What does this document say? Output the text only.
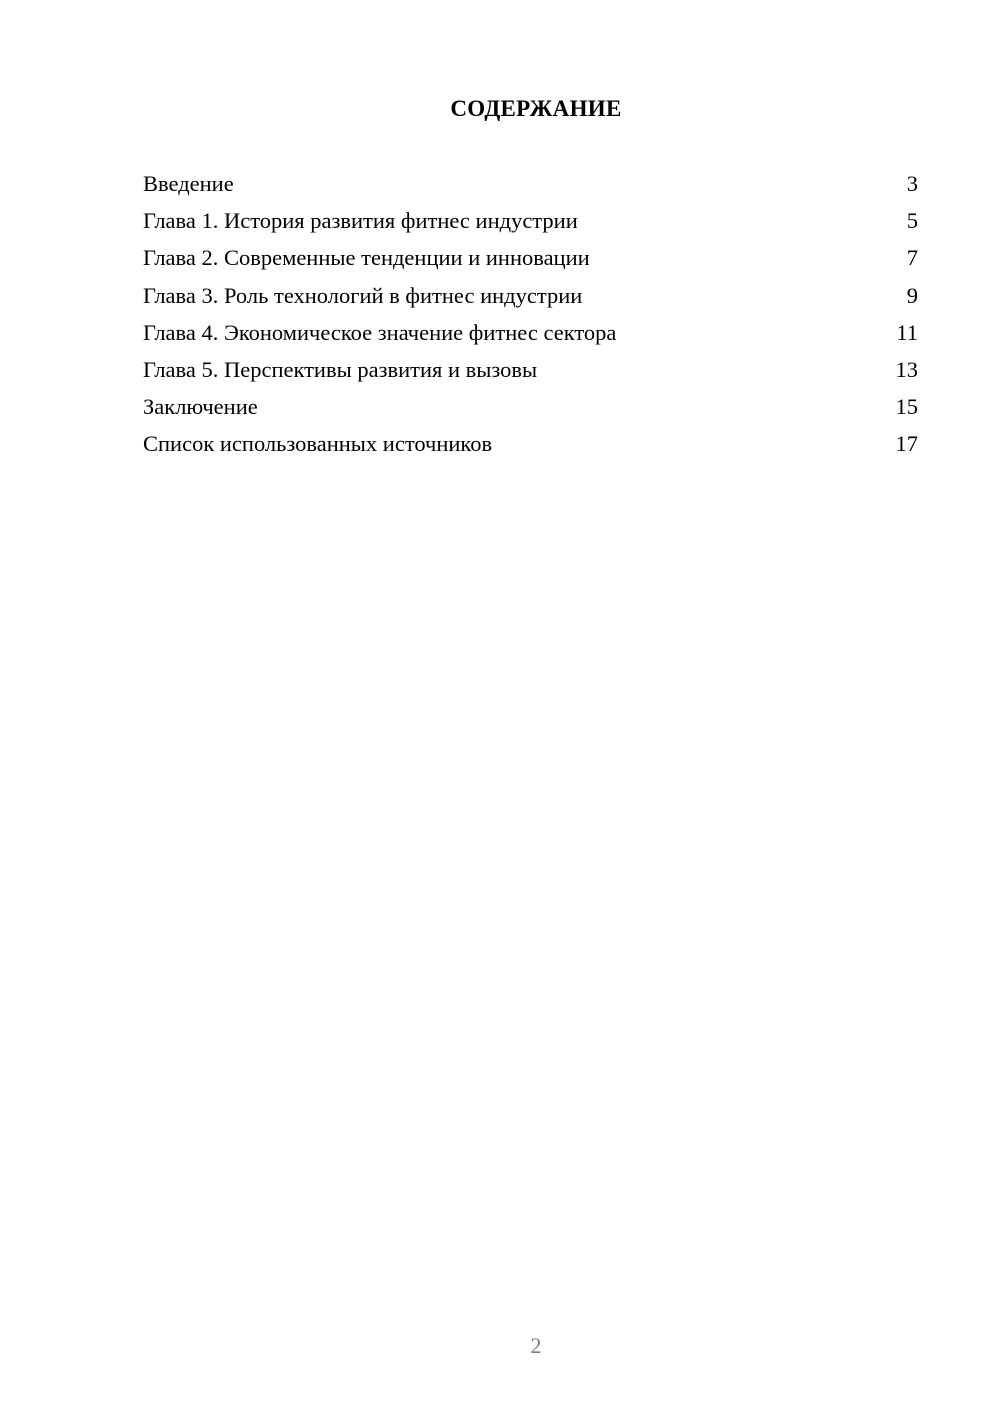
СОДЕРЖАНИЕ
Введение	3
Глава 1. История развития фитнес индустрии	5
Глава 2. Современные тенденции и инновации	7
Глава 3. Роль технологий в фитнес индустрии	9
Глава 4. Экономическое значение фитнес сектора	11
Глава 5. Перспективы развития и вызовы	13
Заключение	15
Список использованных источников	17
2
